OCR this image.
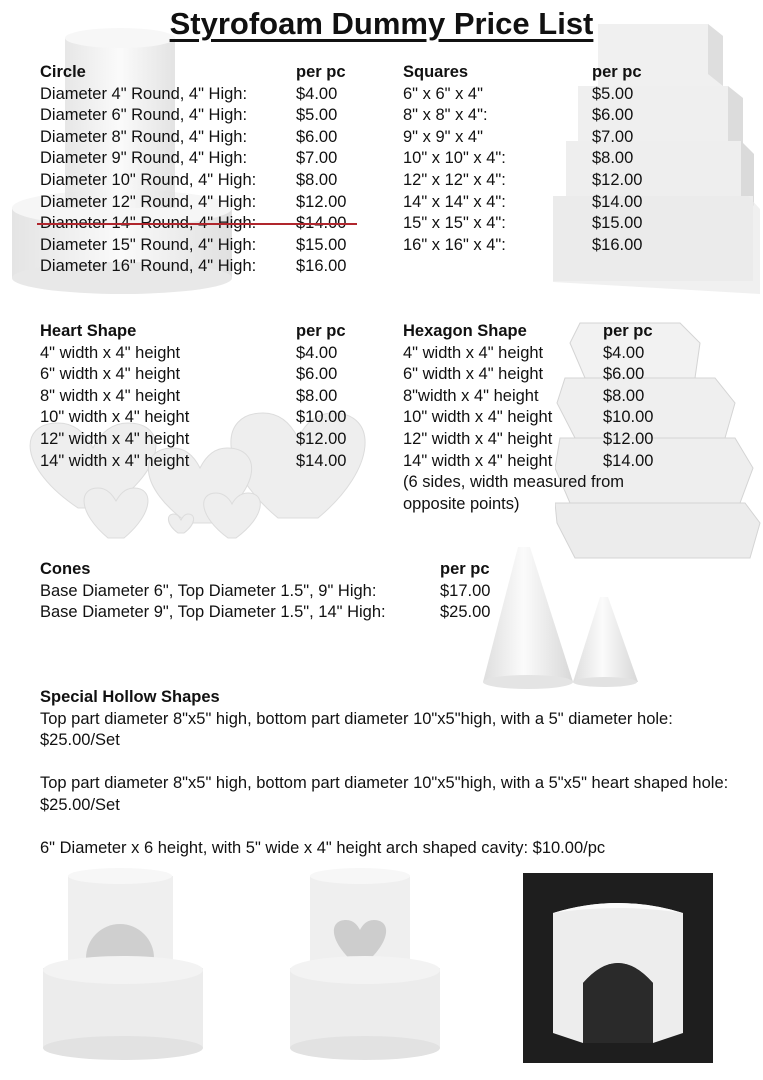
Styrofoam Dummy Price List
Circle	per pc
Diameter 4" Round, 4" High:	$4.00
Diameter 6" Round, 4" High:	$5.00
Diameter 8" Round, 4" High:	$6.00
Diameter 9" Round, 4" High:	$7.00
Diameter 10" Round, 4" High: $8.00
Diameter 12" Round, 4" High: $12.00
Diameter 14" Round, 4" High: $14.00
Diameter 15" Round, 4" High: $15.00
Diameter 16" Round, 4" High: $16.00
Squares	per pc
6" x 6" x 4"	$5.00
8" x 8" x 4":	$6.00
9" x 9" x 4"	$7.00
10" x 10" x 4":	$8.00
12" x 12" x 4":	$12.00
14" x 14" x 4":	$14.00
15" x 15" x 4":	$15.00
16" x 16" x 4":	$16.00
Heart Shape	per pc
4" width x 4" height	$4.00
6" width x 4" height	$6.00
8" width x 4" height	$8.00
10" width x 4" height	$10.00
12" width x 4" height	$12.00
14" width x 4" height	$14.00
Hexagon Shape	per pc
4" width x 4" height	$4.00
6" width x 4" height	$6.00
8"width x 4" height	$8.00
10" width x 4" height	$10.00
12" width x 4" height	$12.00
14" width x 4" height	$14.00
(6 sides, width measured from
opposite points)
Cones	per pc
Base Diameter 6", Top Diameter 1.5", 9" High:	$17.00
Base Diameter 9", Top Diameter 1.5", 14" High:	$25.00
Special Hollow Shapes
Top part diameter 8"x5" high, bottom part diameter 10"x5"high, with a 5" diameter hole: $25.00/Set
Top part diameter 8"x5" high, bottom part diameter 10"x5"high, with a 5"x5" heart shaped hole: $25.00/Set
6" Diameter x 6 height, with 5" wide x 4" height arch shaped cavity: $10.00/pc
